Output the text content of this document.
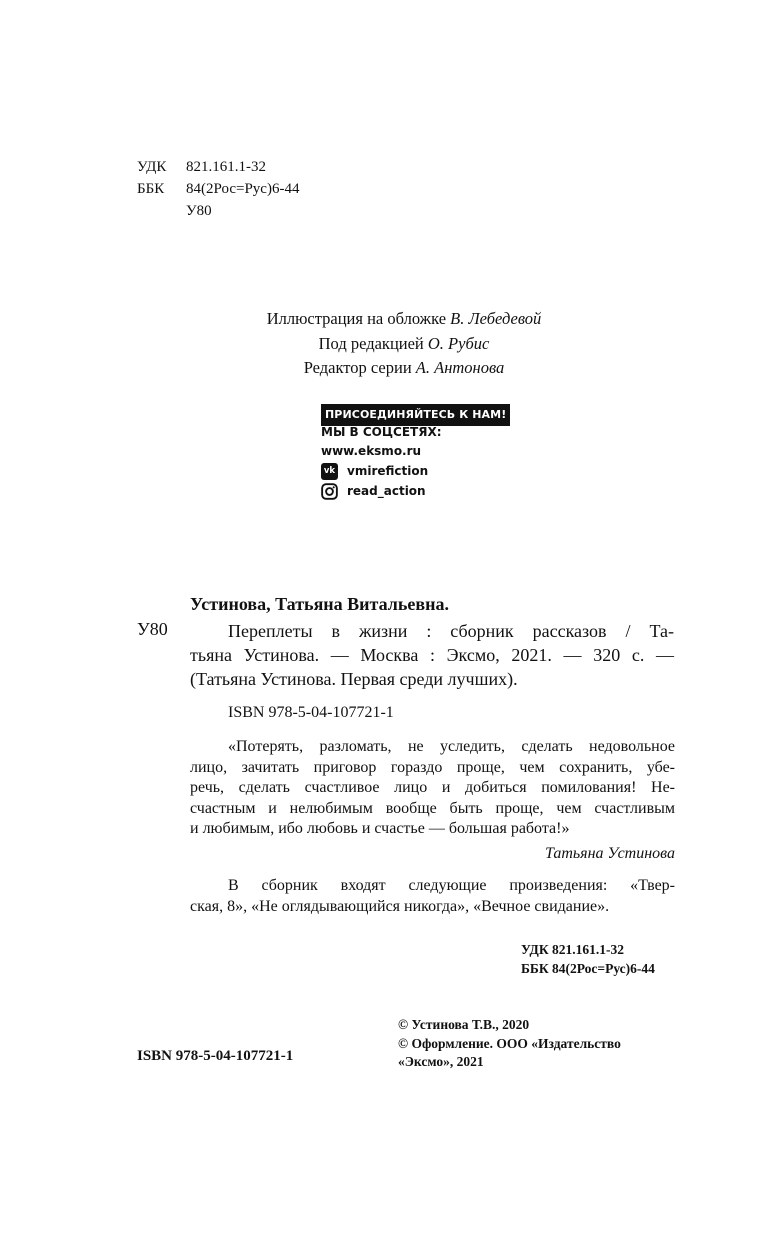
УДК	821.161.1-32
ББК	84(2Рос=Рус)6-44
У80
Иллюстрация на обложке В. Лебедевой
Под редакцией О. Рубис
Редактор серии А. Антонова
ПРИСОЕДИНЯЙТЕСЬ К НАМ!
МЫ В СОЦСЕТЯХ:
www.eksmo.ru
vk vmirefiction
read_action
Устинова, Татьяна Витальевна.
У80	Переплеты в жизни : сборник рассказов / Та-
тьяна Устинова. — Москва : Эксмо, 2021. — 320 с. —
(Татьяна Устинова. Первая среди лучших).
ISBN 978-5-04-107721-1
«Потерять, разломать, не уследить, сделать недовольное
лицо, зачитать приговор гораздо проще, чем сохранить, убе-
речь, сделать счастливое лицо и добиться помилования! Не-
счастным и нелюбимым вообще быть проще, чем счастливым
и любимым, ибо любовь и счастье — большая работа!»
Татьяна Устинова
В сборник входят следующие произведения: «Твер-
ская, 8», «Не оглядывающийся никогда», «Вечное свидание».
УДК 821.161.1-32
ББК 84(2Рос=Рус)6-44
ISBN 978-5-04-107721-1
© Устинова Т.В., 2020
© Оформление. ООО «Издательство
«Эксмо», 2021
